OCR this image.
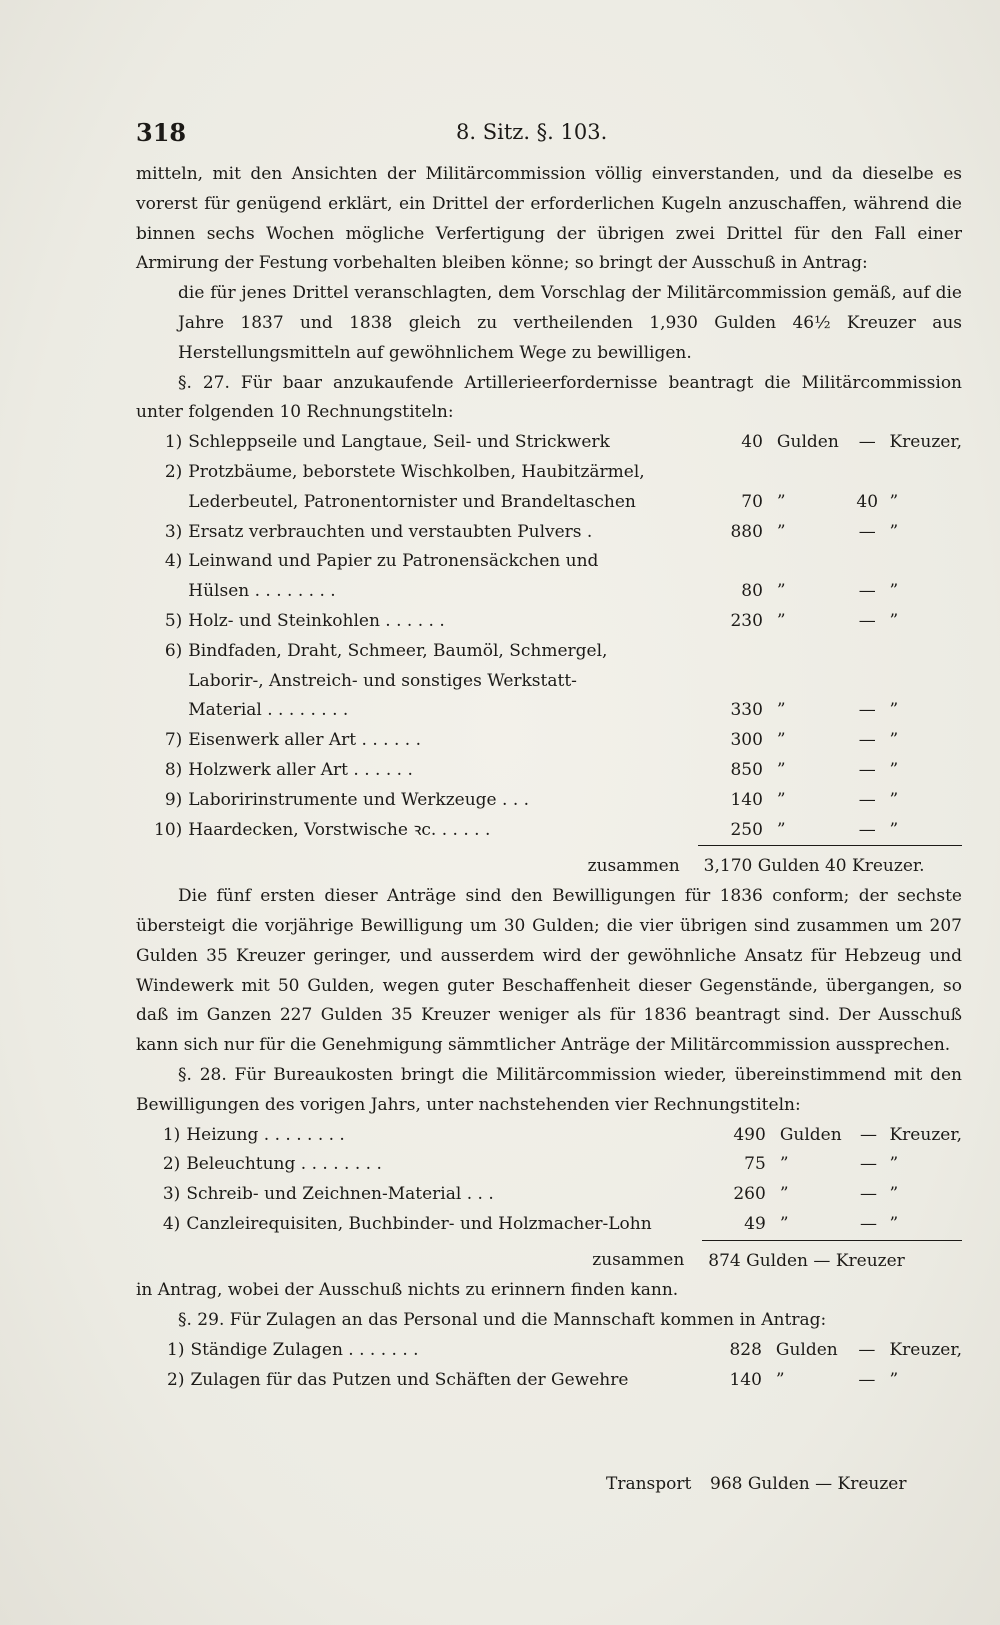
318	8. Sitz. §. 103.

mitteln, mit den Ansichten der Militärcommission völlig einverstanden, und da dieselbe es vorerst für genügend erklärt, ein Drittel der erforderlichen Kugeln anzuschaffen, während die binnen sechs Wochen mögliche Verfertigung der übrigen zwei Drittel für den Fall einer Armirung der Festung vorbehalten bleiben könne; so bringt der Ausschuß in Antrag:

die für jenes Drittel veranschlagten, dem Vorschlag der Militärcommission gemäß, auf die Jahre 1837 und 1838 gleich zu vertheilenden 1,930 Gulden 46½ Kreuzer aus Herstellungsmitteln auf gewöhnlichem Wege zu bewilligen.

§. 27. Für baar anzukaufende Artillerieerfordernisse beantragt die Militärcommission unter folgenden 10 Rechnungstiteln:

1)	Schleppseile und Langtaue, Seil- und Strickwerk	40	Gulden	—	Kreuzer,
2)	Protzbäume, beborstete Wischkolben, Haubitzärmel,				
	Lederbeutel, Patronentornister und Brandeltaschen	70	”	40	”
3)	Ersatz verbrauchten und verstaubten Pulvers .	880	”	—	”
4)	Leinwand und Papier zu Patronensäckchen und				
	Hülsen . . . . . . . .	80	”	—	”
5)	Holz- und Steinkohlen . . . . . .	230	”	—	”
6)	Bindfaden, Draht, Schmeer, Baumöl, Schmergel,				
	Laborir-, Anstreich- und sonstiges Werkstatt-				
	Material . . . . . . . .	330	”	—	”
7)	Eisenwerk aller Art . . . . . .	300	”	—	”
8)	Holzwerk aller Art . . . . . .	850	”	—	”
9)	Laboririnstrumente und Werkzeuge . . .	140	”	—	”
10)	Haardecken, Vorstwische ꝛc. . . . . .	250	”	—	”
	zusammen	3,170 Gulden 40 Kreuzer.			

Die fünf ersten dieser Anträge sind den Bewilligungen für 1836 conform; der sechste übersteigt die vorjährige Bewilligung um 30 Gulden; die vier übrigen sind zusammen um 207 Gulden 35 Kreuzer geringer, und ausserdem wird der gewöhnliche Ansatz für Hebzeug und Windewerk mit 50 Gulden, wegen guter Beschaffenheit dieser Gegenstände, übergangen, so daß im Ganzen 227 Gulden 35 Kreuzer weniger als für 1836 beantragt sind. Der Ausschuß kann sich nur für die Genehmigung sämmtlicher Anträge der Militärcommission aussprechen.

§. 28. Für Bureaukosten bringt die Militärcommission wieder, übereinstimmend mit den Bewilligungen des vorigen Jahrs, unter nachstehenden vier Rechnungstiteln:

1)	Heizung . . . . . . . .	490	Gulden	—	Kreuzer,
2)	Beleuchtung . . . . . . . .	75	”	—	”
3)	Schreib- und Zeichnen-Material . . .	260	”	—	”
4)	Canzleirequisiten, Buchbinder- und Holzmacher-Lohn	49	”	—	”
	zusammen	874 Gulden — Kreuzer			

in Antrag, wobei der Ausschuß nichts zu erinnern finden kann.

§. 29. Für Zulagen an das Personal und die Mannschaft kommen in Antrag:

1)	Ständige Zulagen . . . . . . .	828	Gulden	—	Kreuzer,
2)	Zulagen für das Putzen und Schäften der Gewehre	140	”	—	”
Transport 968 Gulden — Kreuzer
